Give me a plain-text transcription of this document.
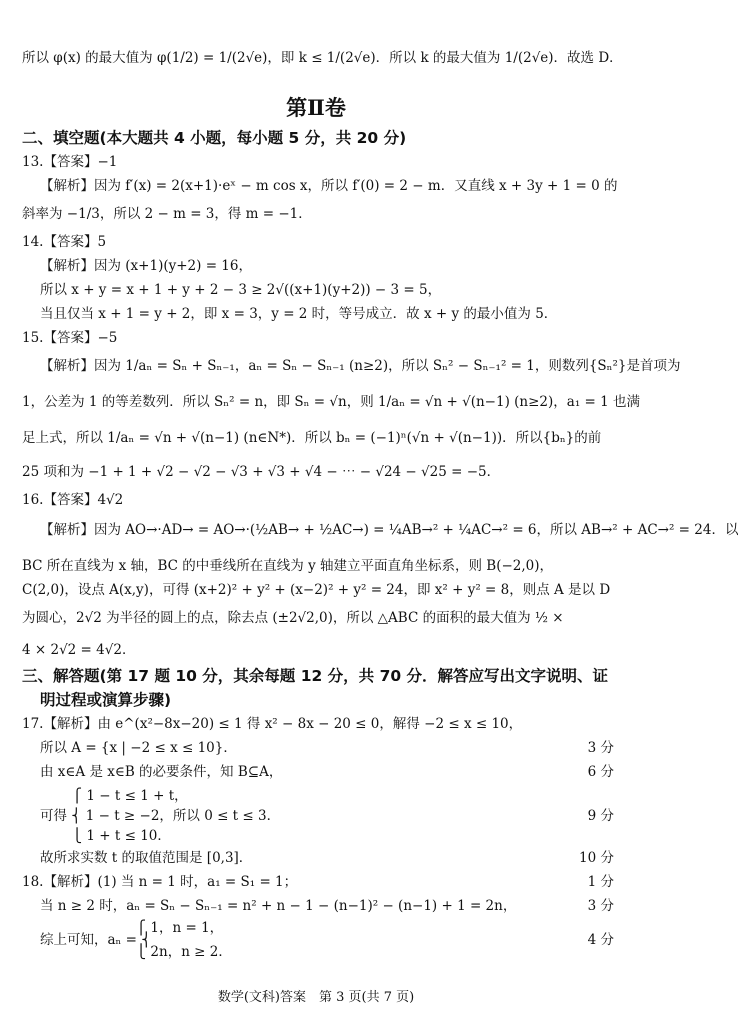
所以 φ(x) 的最大值为 φ(1/2) = 1/(2√e)，即 k ≤ 1/(2√e)．所以 k 的最大值为 1/(2√e)．故选 D．
第Ⅱ卷
二、填空题(本大题共 4 小题，每小题 5 分，共 20 分)
13.【答案】−1
【解析】因为 f′(x) = 2(x+1)·eˣ − m cos x，所以 f′(0) = 2 − m．又直线 x + 3y + 1 = 0 的
斜率为 −1/3，所以 2 − m = 3，得 m = −1．
14.【答案】5
【解析】因为 (x+1)(y+2) = 16，
所以 x + y = x + 1 + y + 2 − 3 ≥ 2√((x+1)(y+2)) − 3 = 5，
当且仅当 x + 1 = y + 2，即 x = 3，y = 2 时，等号成立．故 x + y 的最小值为 5．
15.【答案】−5
【解析】因为 1/aₙ = Sₙ + Sₙ₋₁，aₙ = Sₙ − Sₙ₋₁ (n≥2)，所以 Sₙ² − Sₙ₋₁² = 1，则数列{Sₙ²}是首项为
1，公差为 1 的等差数列．所以 Sₙ² = n，即 Sₙ = √n，则 1/aₙ = √n + √(n−1) (n≥2)，a₁ = 1 也满
足上式，所以 1/aₙ = √n + √(n−1) (n∈N*)．所以 bₙ = (−1)ⁿ(√n + √(n−1))．所以{bₙ}的前
25 项和为 −1 + 1 + √2 − √2 − √3 + √3 + √4 − ⋯ − √24 − √25 = −5．
16.【答案】4√2
【解析】因为 AO→·AD→ = AO→·(½AB→ + ½AC→) = ¼AB→² + ¼AC→² = 6，所以 AB→² + AC→² = 24．以
BC 所在直线为 x 轴，BC 的中垂线所在直线为 y 轴建立平面直角坐标系，则 B(−2,0)，
C(2,0)，设点 A(x,y)，可得 (x+2)² + y² + (x−2)² + y² = 24，即 x² + y² = 8，则点 A 是以 D
为圆心，2√2 为半径的圆上的点，除去点 (±2√2,0)，所以 △ABC 的面积的最大值为 ½ ×
4 × 2√2 = 4√2．
三、解答题(第 17 题 10 分，其余每题 12 分，共 70 分．解答应写出文字说明、证
明过程或演算步骤)
17.【解析】由 e^(x²−8x−20) ≤ 1 得 x² − 8x − 20 ≤ 0，解得 −2 ≤ x ≤ 10，
所以 A = {x | −2 ≤ x ≤ 10}．	3 分
由 x∈A 是 x∈B 的必要条件，知 B⊆A，	6 分
⎧ 1 − t ≤ 1 + t，
可得 ⎨ 1 − t ≥ −2，所以 0 ≤ t ≤ 3．	9 分
⎩ 1 + t ≤ 10．
故所求实数 t 的取值范围是 [0,3]．	10 分
18.【解析】(1) 当 n = 1 时，a₁ = S₁ = 1；	1 分
当 n ≥ 2 时，aₙ = Sₙ − Sₙ₋₁ = n² + n − 1 − (n−1)² − (n−1) + 1 = 2n，	3 分
⎧ 1，n = 1，
综上可知，aₙ = ⎨	4 分
⎩ 2n，n ≥ 2．
数学(文科)答案　第 3 页(共 7 页)
